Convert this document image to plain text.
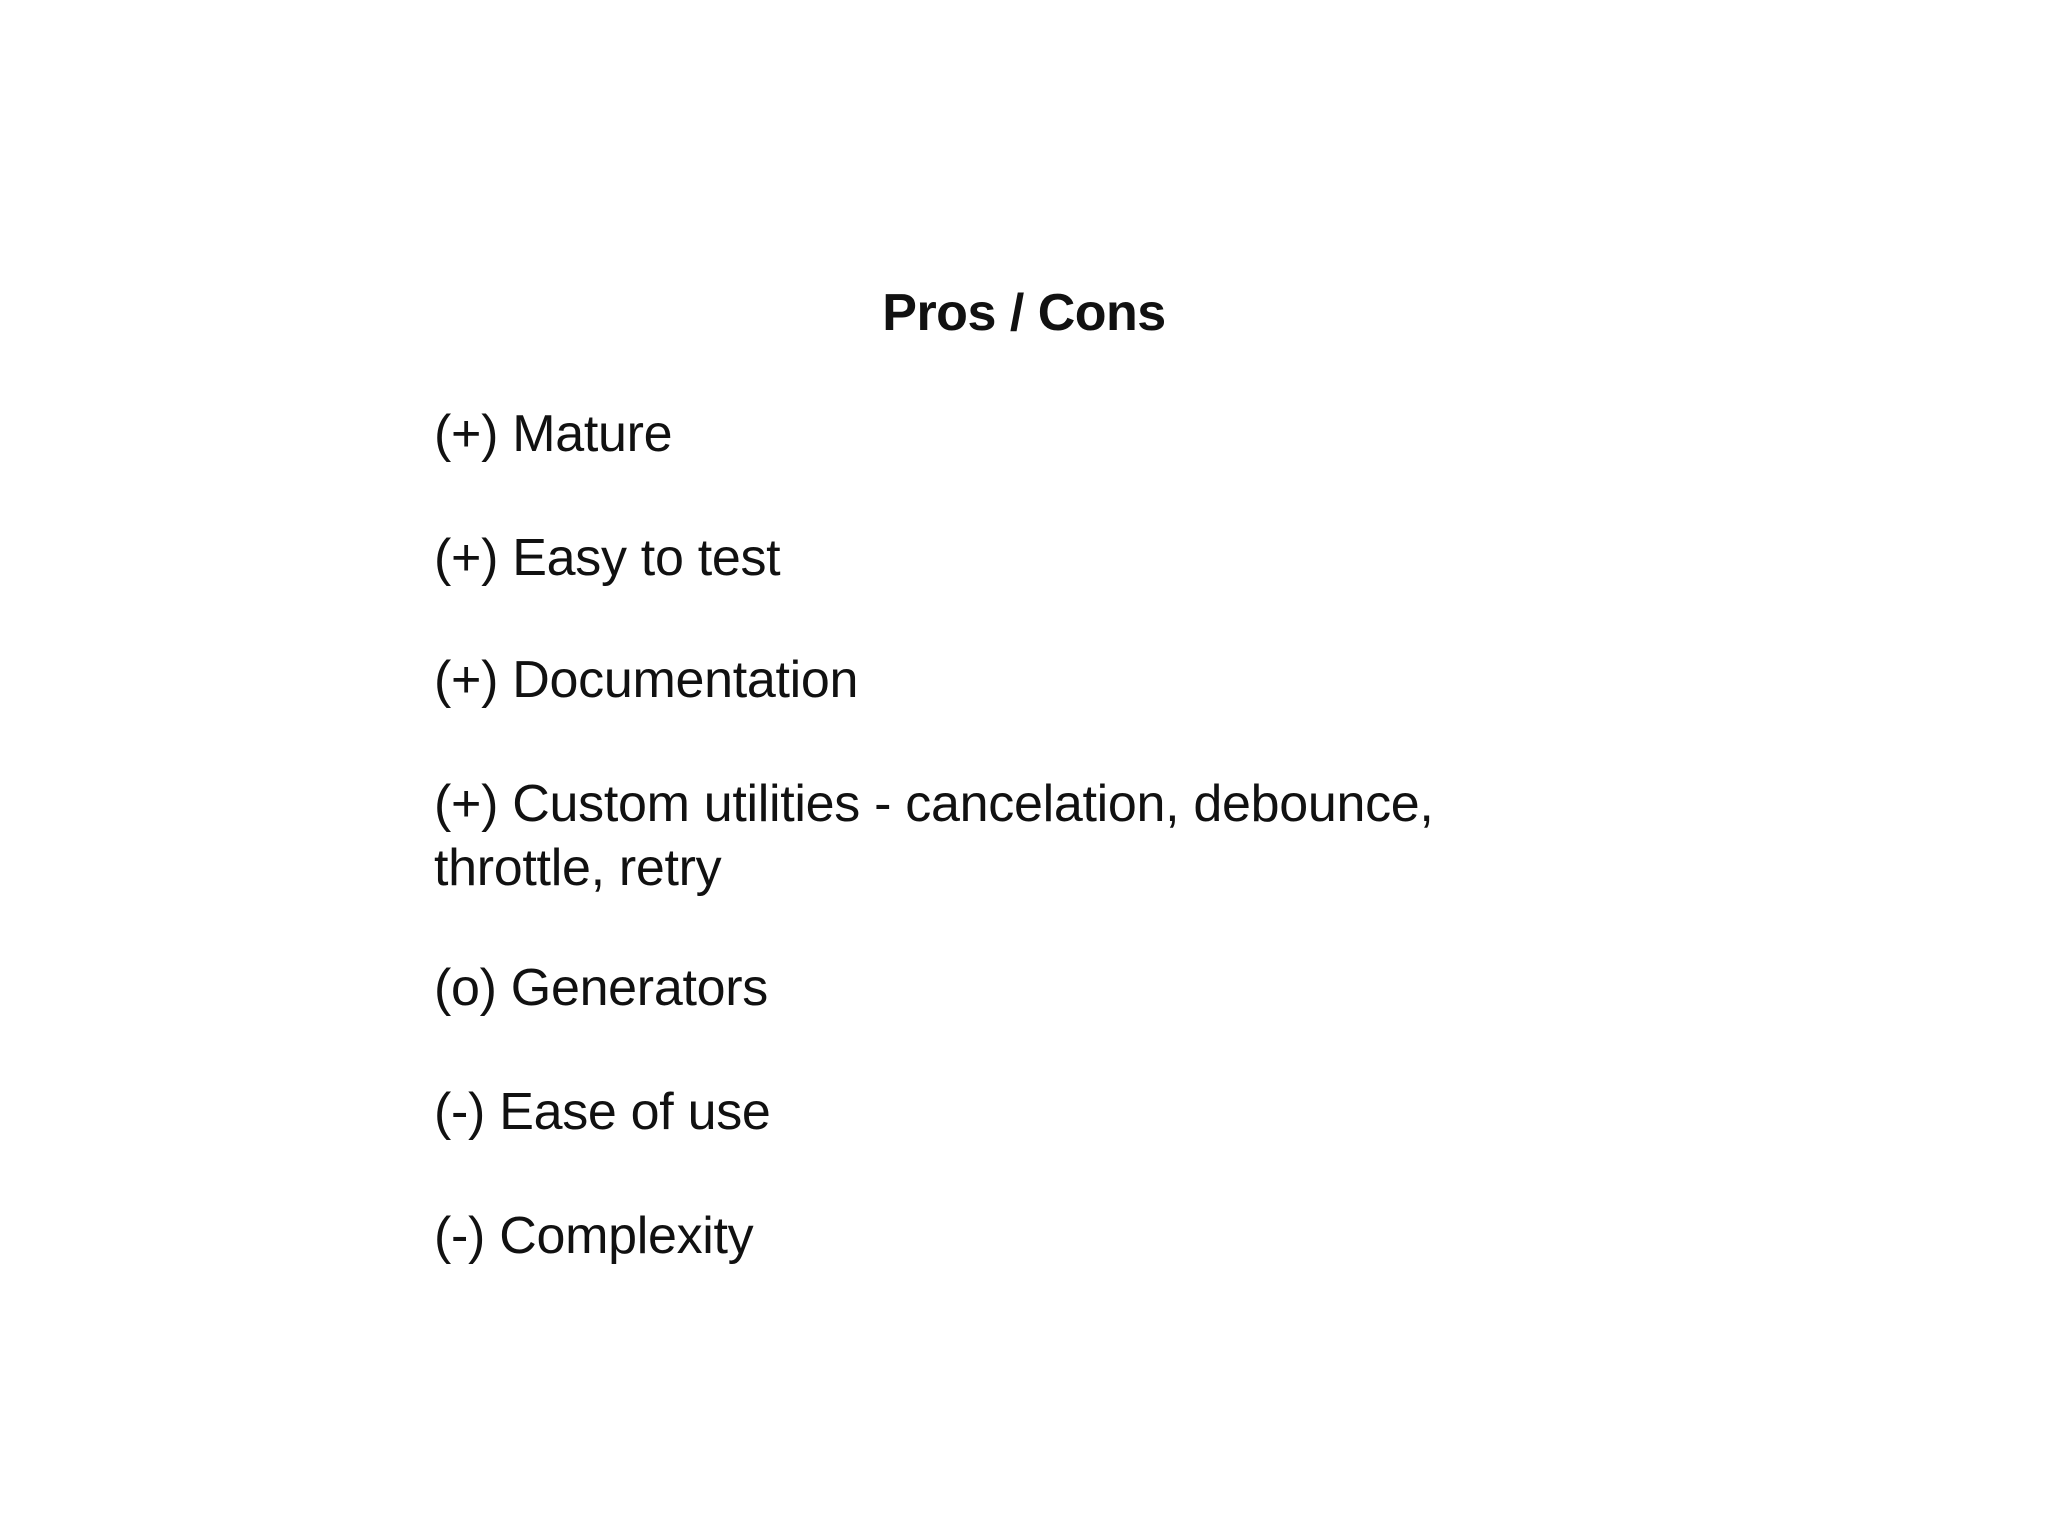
Pros / Cons
(+) Mature
(+) Easy to test
(+) Documentation
(+) Custom utilities - cancelation, debounce, throttle, retry
(o) Generators
(-) Ease of use
(-) Complexity
